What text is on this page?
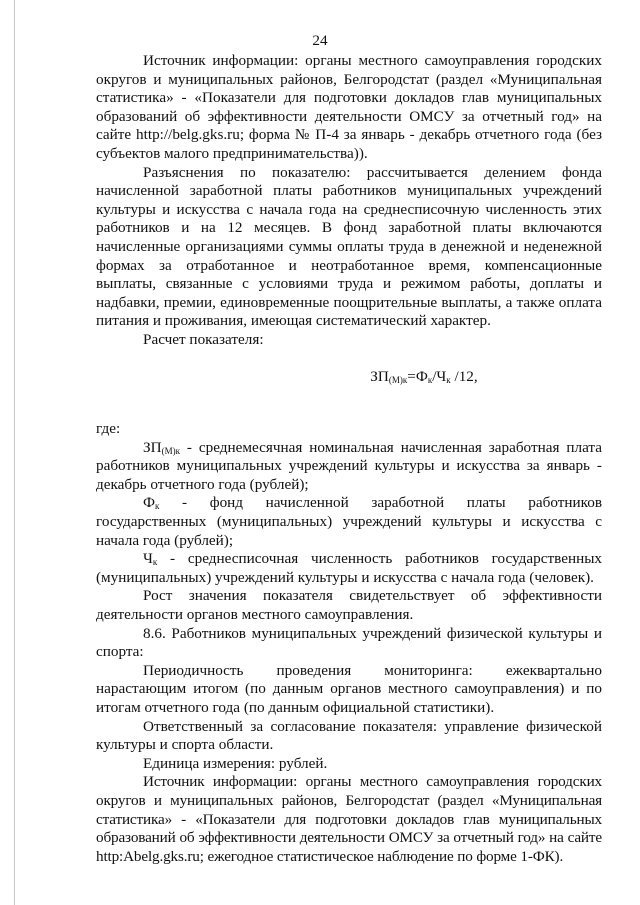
24

Источник информации: органы местного самоуправления городских округов и муниципальных районов, Белгородстат (раздел «Муниципальная статистика» - «Показатели для подготовки докладов глав муниципальных образований об эффективности деятельности ОМСУ за отчетный год» на сайте http://belg.gks.ru; форма № П-4 за январь - декабрь отчетного года (без субъектов малого предпринимательства)).

Разъяснения по показателю: рассчитывается делением фонда начисленной заработной платы работников муниципальных учреждений культуры и искусства с начала года на среднесписочную численность этих работников и на 12 месяцев. В фонд заработной платы включаются начисленные организациями суммы оплаты труда в денежной и неденежной формах за отработанное и неотработанное время, компенсационные выплаты, связанные с условиями труда и режимом работы, доплаты и надбавки, премии, единовременные поощрительные выплаты, а также оплата питания и проживания, имеющая систематический характер.

Расчет показателя:

$ЗП_{(М)к}=Ф_к/Ч_к$ /12,

где:

$ЗП_{(М)к}$ - среднемесячная номинальная начисленная заработная плата работников муниципальных учреждений культуры и искусства за январь - декабрь отчетного года (рублей);

$Ф_к$ - фонд начисленной заработной платы работников государственных (муниципальных) учреждений культуры и искусства с начала года (рублей);

$Ч_к$ - среднесписочная численность работников государственных (муниципальных) учреждений культуры и искусства с начала года (человек).

Рост значения показателя свидетельствует об эффективности деятельности органов местного самоуправления.

8.6. Работников муниципальных учреждений физической культуры и спорта:

Периодичность проведения мониторинга: ежеквартально нарастающим итогом (по данным органов местного самоуправления) и по итогам отчетного года (по данным официальной статистики).

Ответственный за согласование показателя: управление физической культуры и спорта области.

Единица измерения: рублей.

Источник информации: органы местного самоуправления городских округов и муниципальных районов, Белгородстат (раздел «Муниципальная статистика» - «Показатели для подготовки докладов глав муниципальных образований об эффективности деятельности ОМСУ за отчетный год» на сайте http:Abelg.gks.ru; ежегодное статистическое наблюдение по форме 1-ФК).
